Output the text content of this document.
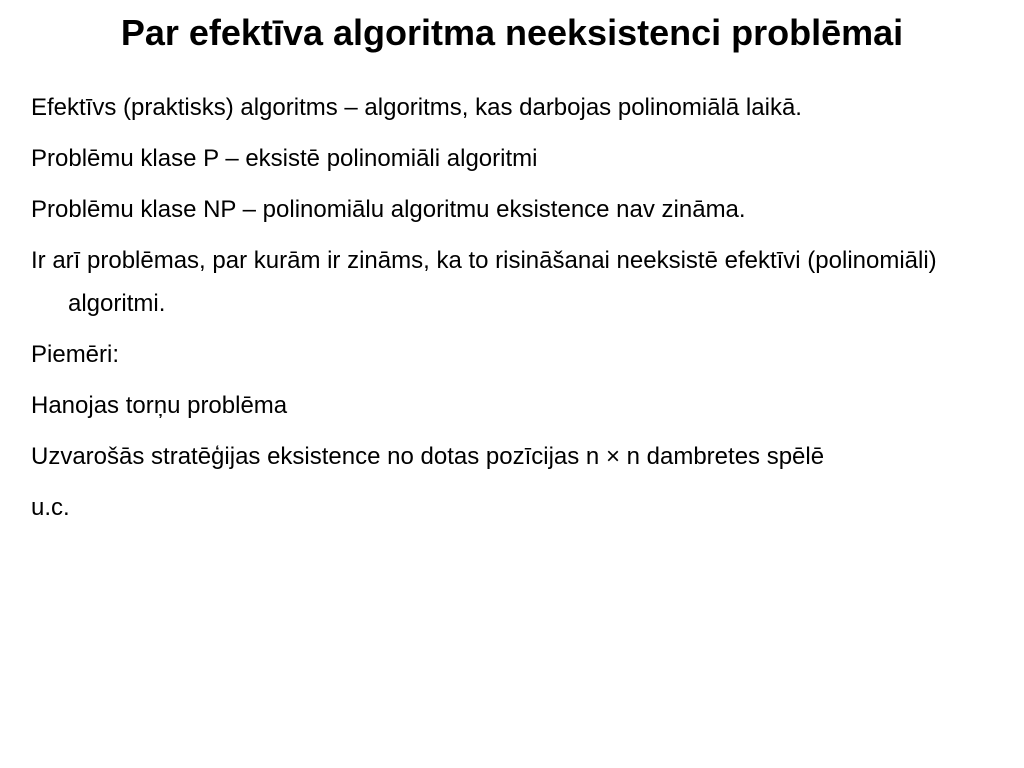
Par efektīva algoritma neeksistenci problēmai

Efektīvs (praktisks) algoritms – algoritms, kas darbojas polinomiālā laikā.

Problēmu klase P – eksistē polinomiāli algoritmi

Problēmu klase NP – polinomiālu algoritmu eksistence nav zināma.

Ir arī problēmas, par kurām ir zināms, ka to risināšanai neeksistē efektīvi (polinomiāli) algoritmi.

Piemēri:

Hanojas torņu problēma

Uzvarošās stratēģijas eksistence no dotas pozīcijas n × n dambretes spēlē

u.c.
